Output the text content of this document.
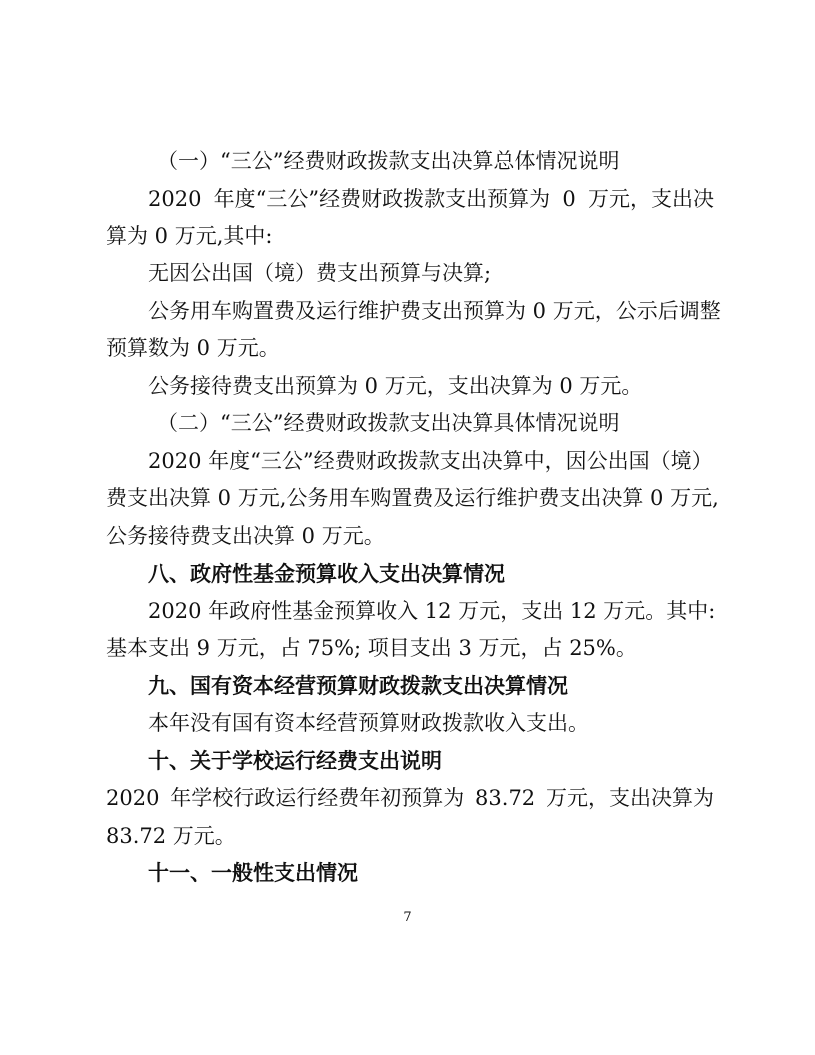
（一）“三公”经费财政拨款支出决算总体情况说明

2020 年度“三公”经费财政拨款支出预算为 0 万元，支出决

算为 0 万元,其中:

无因公出国（境）费支出预算与决算;

公务用车购置费及运行维护费支出预算为 0 万元，公示后调整

预算数为 0 万元。

公务接待费支出预算为 0 万元，支出决算为 0 万元。

（二）“三公”经费财政拨款支出决算具体情况说明

2020 年度“三公”经费财政拨款支出决算中，因公出国（境）

费支出决算 0 万元,公务用车购置费及运行维护费支出决算 0 万元,

公务接待费支出决算 0 万元。

八、政府性基金预算收入支出决算情况

2020 年政府性基金预算收入 12 万元，支出 12 万元。其中:

基本支出 9 万元，占 75%; 项目支出 3 万元，占 25%。

九、国有资本经营预算财政拨款支出决算情况

本年没有国有资本经营预算财政拨款收入支出。

十、关于学校运行经费支出说明

2020 年学校行政运行经费年初预算为 83.72 万元，支出决算为

83.72 万元。

十一、一般性支出情况
7
